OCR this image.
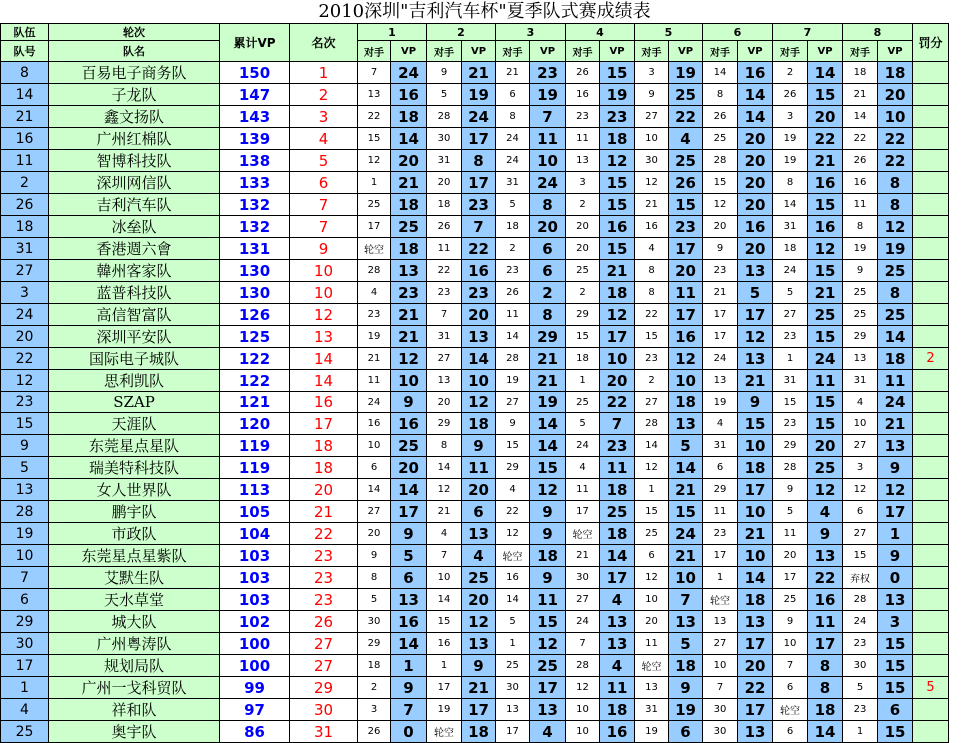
2010深圳"吉利汽车杯"夏季队式赛成绩表
队伍	轮次	累计VP	名次	1		2		3		4		5		6		7		8		罚分
队号	队名			对手	VP	对手	VP	对手	VP	对手	VP	对手	VP	对手	VP	对手	VP	对手	VP	
8	百易电子商务队	150	1	7	24	9	21	21	23	26	15	3	19	14	16	2	14	18	18	
14	子龙队	147	2	13	16	5	19	6	19	16	19	9	25	8	14	26	15	21	20	
21	鑫文扬队	143	3	22	18	28	24	8	7	23	23	27	22	26	14	3	20	14	10	
16	广州红棉队	139	4	15	14	30	17	24	11	11	18	10	4	25	20	19	22	22	22	
11	智博科技队	138	5	12	20	31	8	24	10	13	12	30	25	28	20	19	21	26	22	
2	深圳网信队	133	6	1	21	20	17	31	24	3	15	12	26	15	20	8	16	16	8	
26	吉利汽车队	132	7	25	18	18	23	5	8	2	15	21	15	12	20	14	15	11	8	
18	冰垒队	132	7	17	25	26	7	18	20	20	16	16	23	20	16	31	16	8	12	
31	香港週六會	131	9	轮空	18	11	22	2	6	20	15	4	17	9	20	18	12	19	19	
27	韓州客家队	130	10	28	13	22	16	23	6	25	21	8	20	23	13	24	15	9	25	
3	蓝普科技队	130	10	4	23	23	23	26	2	2	18	8	11	21	5	5	21	25	8	
24	高信智富队	126	12	23	21	7	20	11	8	29	12	22	17	17	17	27	25	25	25	
20	深圳平安队	125	13	19	21	31	13	14	29	15	17	15	16	17	12	23	15	29	14	
22	国际电子城队	122	14	21	12	27	14	28	21	18	10	23	12	24	13	1	24	13	18	2
12	思利凯队	122	14	11	10	13	10	19	21	1	20	2	10	13	21	31	11	31	11	
23	SZAP	121	16	24	9	20	12	27	19	25	22	27	18	19	9	15	15	4	24	
15	天涯队	120	17	16	16	29	18	9	14	5	7	28	13	4	15	23	15	10	21	
9	东莞星点星队	119	18	10	25	8	9	15	14	24	23	14	5	31	10	29	20	27	13	
5	瑞美特科技队	119	18	6	20	14	11	29	15	4	11	12	14	6	18	28	25	3	9	
13	女人世界队	113	20	14	14	12	20	4	12	11	18	1	21	29	17	9	12	12	12	
28	鹏宇队	105	21	27	17	21	6	22	9	17	25	15	15	11	10	5	4	6	17	
19	市政队	104	22	20	9	4	13	12	9	轮空	18	25	24	23	21	11	9	27	1	
10	东莞星点星紫队	103	23	9	5	7	4	轮空	18	21	14	6	21	17	10	20	13	15	9	
7	艾默生队	103	23	8	6	10	25	16	9	30	17	12	10	1	14	17	22	弃权	0	
6	天水草堂	103	23	5	13	14	20	14	11	27	4	10	7	轮空	18	25	16	28	13	
29	城大队	102	26	30	16	15	12	5	15	24	13	20	13	13	13	9	11	24	3	
30	广州粤涛队	100	27	29	14	16	13	1	12	7	13	11	5	27	17	10	17	23	15	
17	规划局队	100	27	18	1	1	9	25	25	28	4	轮空	18	10	20	7	8	30	15	
1	广州一戈科贸队	99	29	2	9	17	21	30	17	12	11	13	9	7	22	6	8	5	15	5
4	祥和队	97	30	3	7	19	17	13	13	10	18	31	19	30	17	轮空	18	23	6	
25	奥宇队	86	31	26	0	轮空	18	17	4	10	16	19	6	30	13	6	14	1	15	
